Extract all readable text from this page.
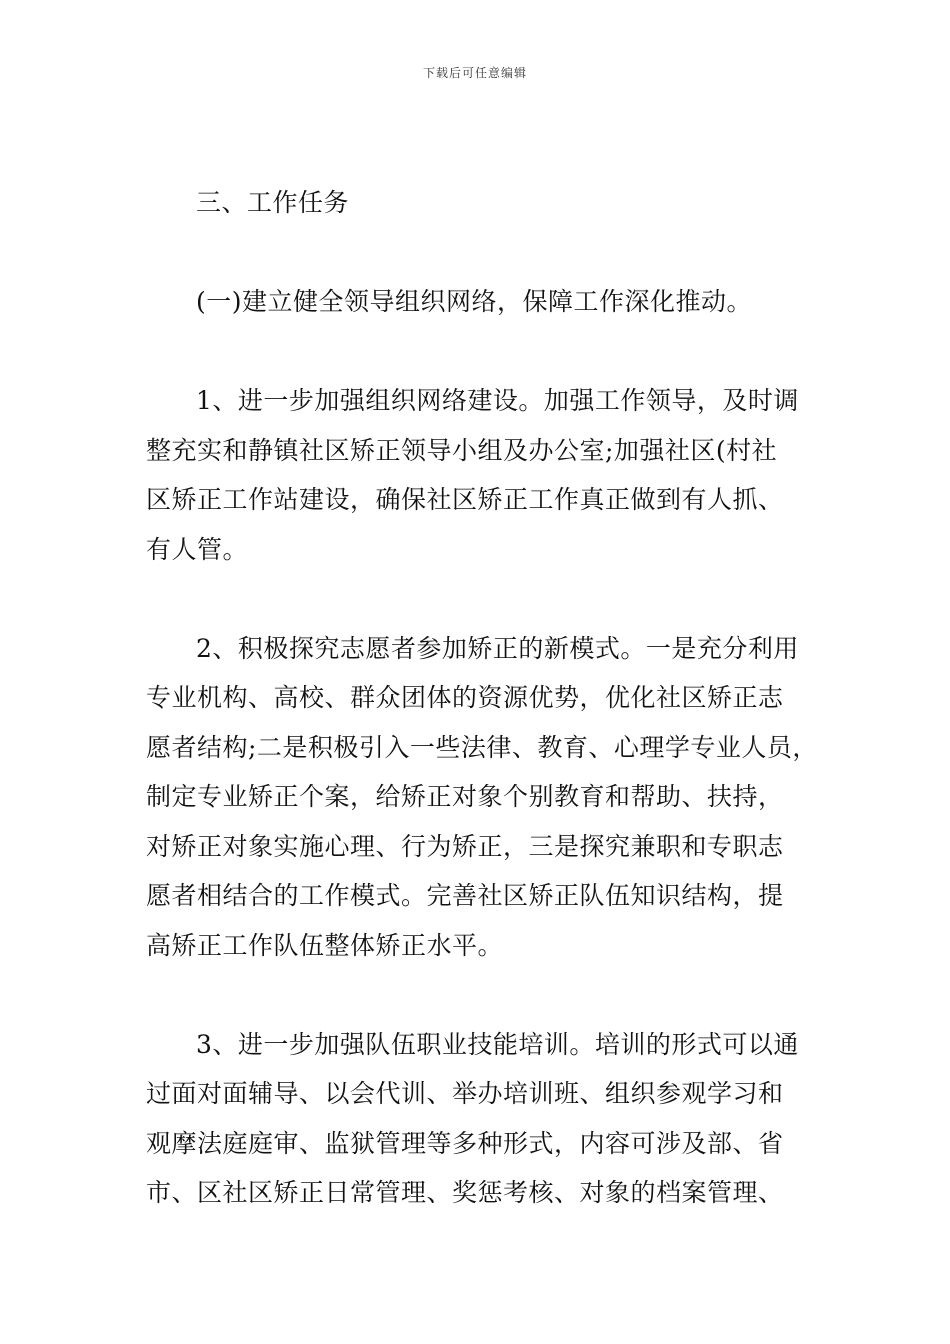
下载后可任意编辑
三、工作任务
(一)建立健全领导组织网络，保障工作深化推动。
1、进一步加强组织网络建设。加强工作领导，及时调
整充实和静镇社区矫正领导小组及办公室;加强社区(村社
区矫正工作站建设，确保社区矫正工作真正做到有人抓、
有人管。
2、积极探究志愿者参加矫正的新模式。一是充分利用
专业机构、高校、群众团体的资源优势，优化社区矫正志
愿者结构;二是积极引入一些法律、教育、心理学专业人员，
制定专业矫正个案，给矫正对象个别教育和帮助、扶持，
对矫正对象实施心理、行为矫正，三是探究兼职和专职志
愿者相结合的工作模式。完善社区矫正队伍知识结构，提
高矫正工作队伍整体矫正水平。
3、进一步加强队伍职业技能培训。培训的形式可以通
过面对面辅导、以会代训、举办培训班、组织参观学习和
观摩法庭庭审、监狱管理等多种形式，内容可涉及部、省
市、区社区矫正日常管理、奖惩考核、对象的档案管理、
